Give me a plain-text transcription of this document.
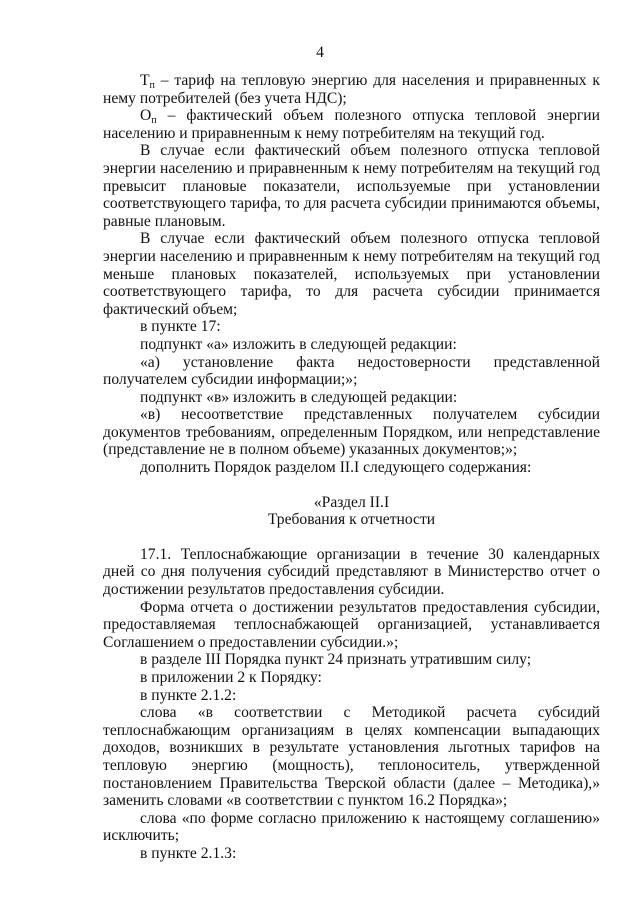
4

$Т_п$ – тариф на тепловую энергию для населения и приравненных к нему потребителей (без учета НДС);

$О_п$ – фактический объем полезного отпуска тепловой энергии населению и приравненным к нему потребителям на текущий год.

В случае если фактический объем полезного отпуска тепловой энергии населению и приравненным к нему потребителям на текущий год превысит плановые показатели, используемые при установлении соответствующего тарифа, то для расчета субсидии принимаются объемы, равные плановым.

В случае если фактический объем полезного отпуска тепловой энергии населению и приравненным к нему потребителям на текущий год меньше плановых показателей, используемых при установлении соответствующего тарифа, то для расчета субсидии принимается фактический объем;

в пункте 17:

подпункт «а» изложить в следующей редакции:

«а) установление факта недостоверности представленной получателем субсидии информации;»;

подпункт «в» изложить в следующей редакции:

«в) несоответствие представленных получателем субсидии документов требованиям, определенным Порядком, или непредставление (представление не в полном объеме) указанных документов;»;

дополнить Порядок разделом II.I следующего содержания:

«Раздел II.I

Требования к отчетности

17.1. Теплоснабжающие организации в течение 30 календарных дней со дня получения субсидий представляют в Министерство отчет о достижении результатов предоставления субсидии.

Форма отчета о достижении результатов предоставления субсидии, предоставляемая теплоснабжающей организацией, устанавливается Соглашением о предоставлении субсидии.»;

в разделе III Порядка пункт 24 признать утратившим силу;

в приложении 2 к Порядку:

в пункте 2.1.2:

слова «в соответствии с Методикой расчета субсидий теплоснабжающим организациям в целях компенсации выпадающих доходов, возникших в результате установления льготных тарифов на тепловую энергию (мощность), теплоноситель, утвержденной постановлением Правительства Тверской области (далее – Методика),» заменить словами «в соответствии с пунктом 16.2 Порядка»;

слова «по форме согласно приложению к настоящему соглашению» исключить;

в пункте 2.1.3:
